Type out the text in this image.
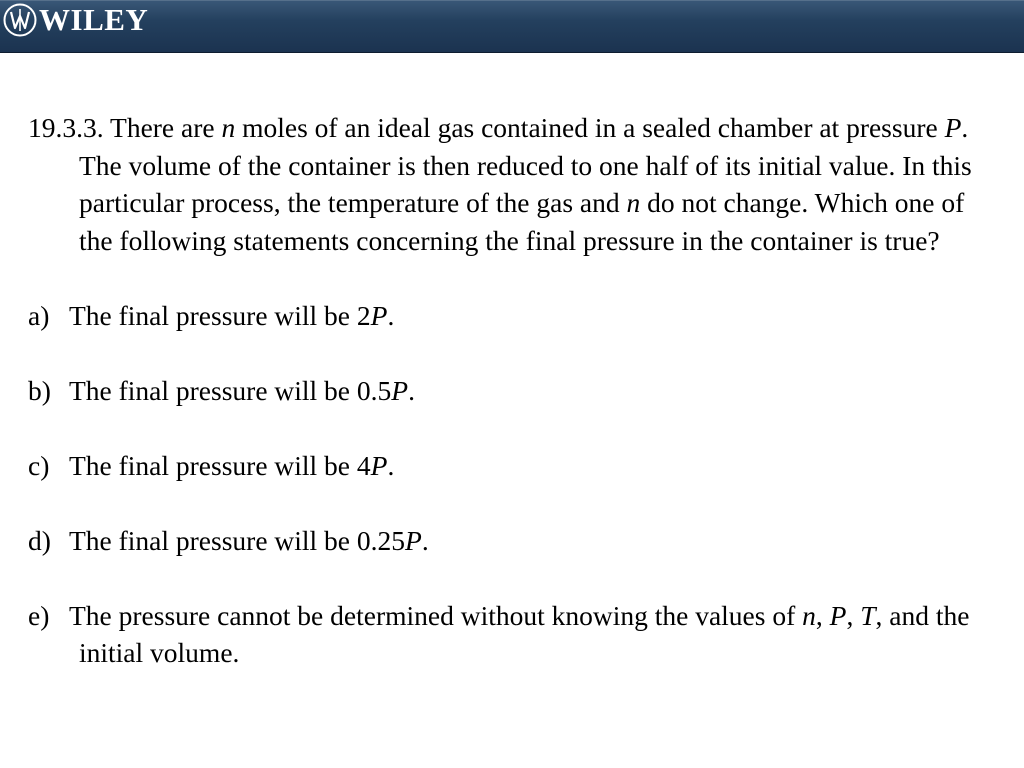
WILEY

19.3.3. There are n moles of an ideal gas contained in a sealed chamber at pressure P. The volume of the container is then reduced to one half of its initial value. In this particular process, the temperature of the gas and n do not change. Which one of the following statements concerning the final pressure in the container is true?

a) The final pressure will be 2P.

b) The final pressure will be 0.5P.

c) The final pressure will be 4P.

d) The final pressure will be 0.25P.

e) The pressure cannot be determined without knowing the values of n, P, T, and the initial volume.
